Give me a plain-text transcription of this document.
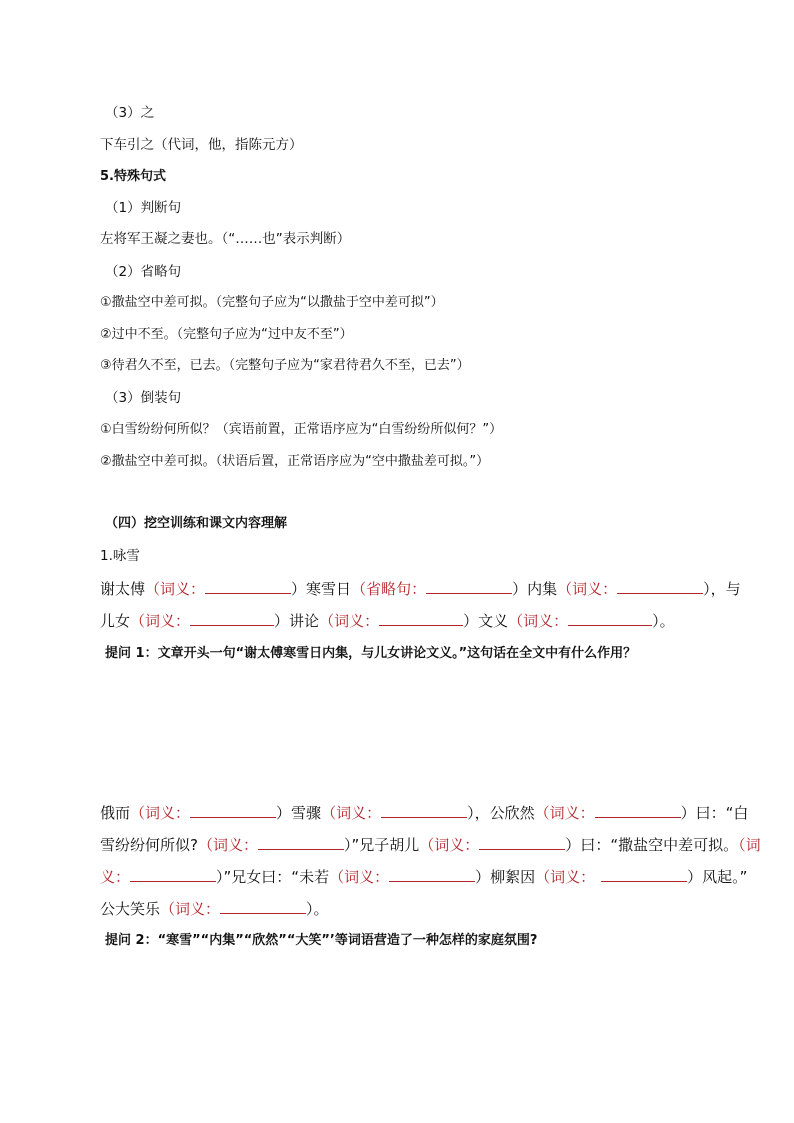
（3）之
下车引之（代词，他，指陈元方）
5.特殊句式
（1）判断句
左将军王凝之妻也。（“……也”表示判断）
（2）省略句
①撒盐空中差可拟。（完整句子应为“以撒盐于空中差可拟”）
②过中不至。（完整句子应为“过中友不至”）
③待君久不至，已去。（完整句子应为“家君待君久不至，已去”）
（3）倒装句
①白雪纷纷何所似？（宾语前置，正常语序应为“白雪纷纷所似何？”）
②撒盐空中差可拟。（状语后置，正常语序应为“空中撒盐差可拟。”）
（四）挖空训练和课文内容理解
1.咏雪
谢太傅（词义：	）寒雪日（省略句：	）内集（词义：	），与
儿女（词义：	）讲论（词义：	）文义（词义：	）。
提问 1：文章开头一句“谢太傅寒雪日内集，与儿女讲论文义。”这句话在全文中有什么作用？
俄而（词义：	）雪骤（词义：	），公欣然（词义：	）曰：“白
雪纷纷何所似?（词义：	）”兄子胡儿（词义：	）曰：“撒盐空中差可拟。（词
义：	）”兄女曰：“未若（词义：	）柳絮因（词义：	）风起。”
公大笑乐（词义：	）。
提问 2：“寒雪”“内集”“欣然”“大笑”’等词语营造了一种怎样的家庭氛围?
